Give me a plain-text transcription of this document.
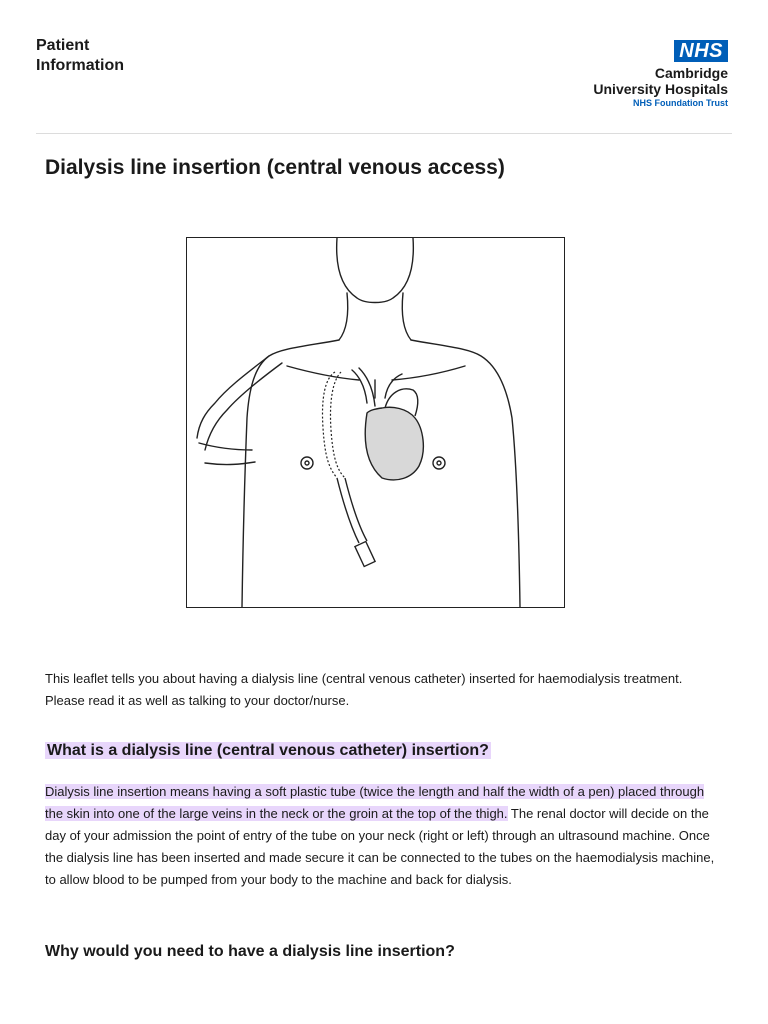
Patient
Information
NHS
Cambridge
University Hospitals
NHS Foundation Trust
Dialysis line insertion (central venous access)

This leaflet tells you about having a dialysis line (central venous catheter) inserted for haemodialysis treatment. Please read it as well as talking to your doctor/nurse.

What is a dialysis line (central venous catheter) insertion?

Dialysis line insertion means having a soft plastic tube (twice the length and half the width of a pen) placed through the skin into one of the large veins in the neck or the groin at the top of the thigh. The renal doctor will decide on the day of your admission the point of entry of the tube on your neck (right or left) through an ultrasound machine. Once the dialysis line has been inserted and made secure it can be connected to the tubes on the haemodialysis machine, to allow blood to be pumped from your body to the machine and back for dialysis.

Why would you need to have a dialysis line insertion?
